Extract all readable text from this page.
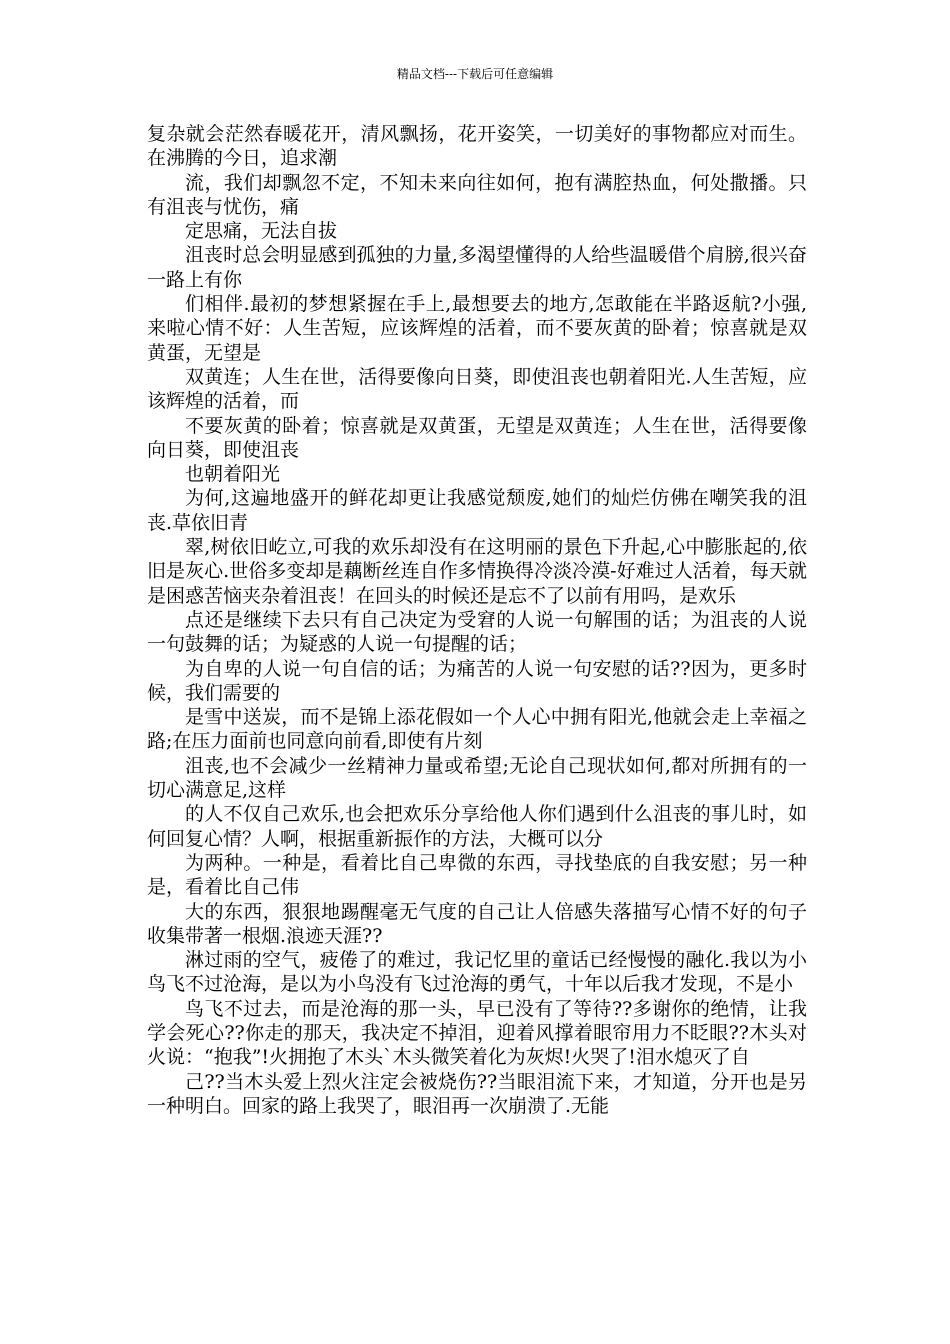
精品文档---下载后可任意编辑

复杂就会茫然春暖花开，清风飘扬，花开姿笑，一切美好的事物都应对而生。在沸腾的今日，追求潮

流，我们却飘忽不定，不知未来向往如何，抱有满腔热血，何处撒播。只有沮丧与忧伤，痛

定思痛，无法自拔

沮丧时总会明显感到孤独的力量,多渴望懂得的人给些温暖借个肩膀,很兴奋一路上有你

们相伴.最初的梦想紧握在手上,最想要去的地方,怎敢能在半路返航?小强,来啦心情不好：人生苦短，应该辉煌的活着，而不要灰黄的卧着；惊喜就是双黄蛋，无望是

双黄连；人生在世，活得要像向日葵，即使沮丧也朝着阳光.人生苦短，应该辉煌的活着，而

不要灰黄的卧着；惊喜就是双黄蛋，无望是双黄连；人生在世，活得要像向日葵，即使沮丧

也朝着阳光

为何,这遍地盛开的鲜花却更让我感觉颓废,她们的灿烂仿佛在嘲笑我的沮丧.草依旧青

翠,树依旧屹立,可我的欢乐却没有在这明丽的景色下升起,心中膨胀起的,依旧是灰心.世俗多变却是藕断丝连自作多情换得冷淡冷漠-好难过人活着，每天就是困惑苦恼夹杂着沮丧！在回头的时候还是忘不了以前有用吗，是欢乐

点还是继续下去只有自己决定为受窘的人说一句解围的话；为沮丧的人说一句鼓舞的话；为疑惑的人说一句提醒的话；

为自卑的人说一句自信的话；为痛苦的人说一句安慰的话??因为，更多时候，我们需要的

是雪中送炭，而不是锦上添花假如一个人心中拥有阳光,他就会走上幸福之路;在压力面前也同意向前看,即使有片刻

沮丧,也不会减少一丝精神力量或希望;无论自己现状如何,都对所拥有的一切心满意足,这样

的人不仅自己欢乐,也会把欢乐分享给他人你们遇到什么沮丧的事儿时，如何回复心情？人啊，根据重新振作的方法，大概可以分

为两种。一种是，看着比自己卑微的东西，寻找垫底的自我安慰；另一种是，看着比自己伟

大的东西，狠狠地踢醒毫无气度的自己让人倍感失落描写心情不好的句子收集带著一根烟.浪迹天涯??

淋过雨的空气，疲倦了的难过，我记忆里的童话已经慢慢的融化.我以为小鸟飞不过沧海，是以为小鸟没有飞过沧海的勇气，十年以后我才发现，不是小

鸟飞不过去，而是沧海的那一头，早已没有了等待??多谢你的绝情，让我学会死心??你走的那天，我决定不掉泪，迎着风撑着眼帘用力不眨眼??木头对火说：“抱我”!火拥抱了木头`木头微笑着化为灰烬!火哭了!泪水熄灭了自

己??当木头爱上烈火注定会被烧伤??当眼泪流下来，才知道，分开也是另一种明白。回家的路上我哭了，眼泪再一次崩溃了.无能
